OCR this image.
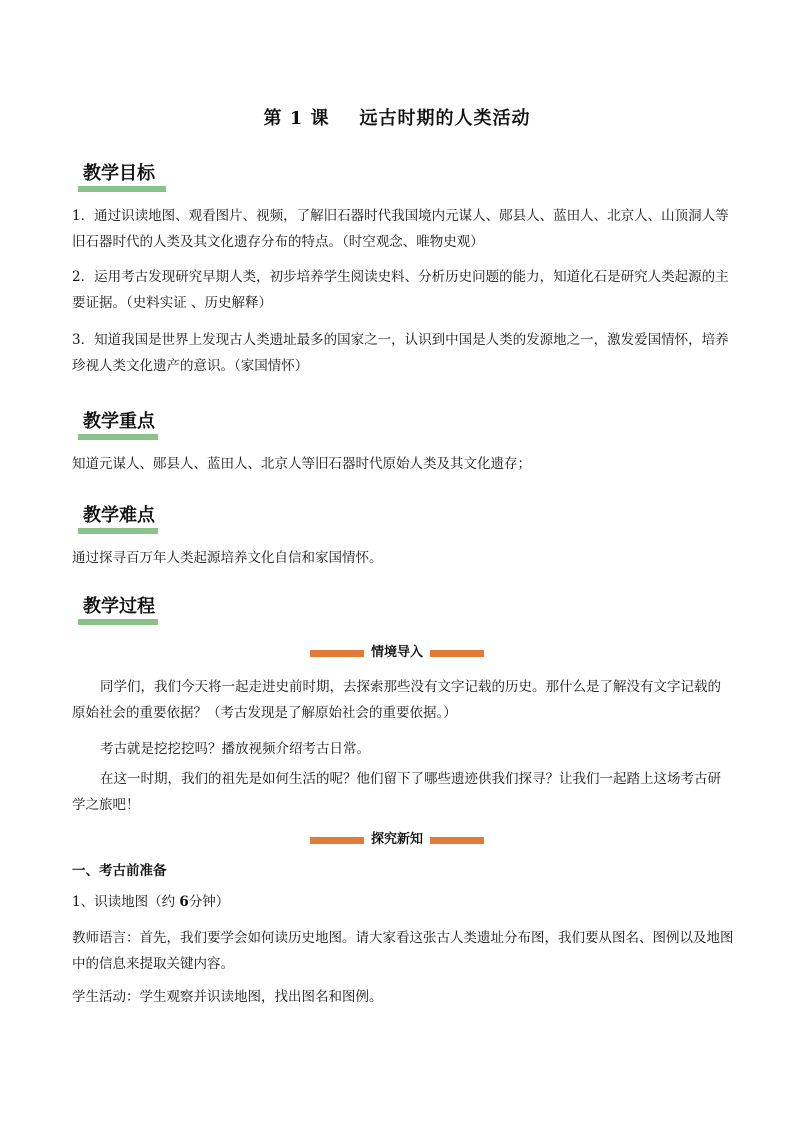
第 1 课 远古时期的人类活动
教学目标
1．通过识读地图、观看图片、视频，了解旧石器时代我国境内元谋人、郧县人、蓝田人、北京人、山顶洞人等旧石器时代的人类及其文化遗存分布的特点。（时空观念、唯物史观）
2．运用考古发现研究早期人类，初步培养学生阅读史料、分析历史问题的能力，知道化石是研究人类起源的主要证据。（史料实证 、历史解释）
3．知道我国是世界上发现古人类遗址最多的国家之一，认识到中国是人类的发源地之一，激发爱国情怀，培养珍视人类文化遗产的意识。（家国情怀）
教学重点
知道元谋人、郧县人、蓝田人、北京人等旧石器时代原始人类及其文化遗存；
教学难点
通过探寻百万年人类起源培养文化自信和家国情怀。
教学过程
情境导入
同学们，我们今天将一起走进史前时期，去探索那些没有文字记载的历史。那什么是了解没有文字记载的原始社会的重要依据？（考古发现是了解原始社会的重要依据。）
考古就是挖挖挖吗？播放视频介绍考古日常。
在这一时期，我们的祖先是如何生活的呢？他们留下了哪些遗迹供我们探寻？让我们一起踏上这场考古研学之旅吧！
探究新知
一、考古前准备
1、识读地图（约 6分钟）
教师语言：首先，我们要学会如何读历史地图。请大家看这张古人类遗址分布图，我们要从图名、图例以及地图中的信息来提取关键内容。
学生活动：学生观察并识读地图，找出图名和图例。
